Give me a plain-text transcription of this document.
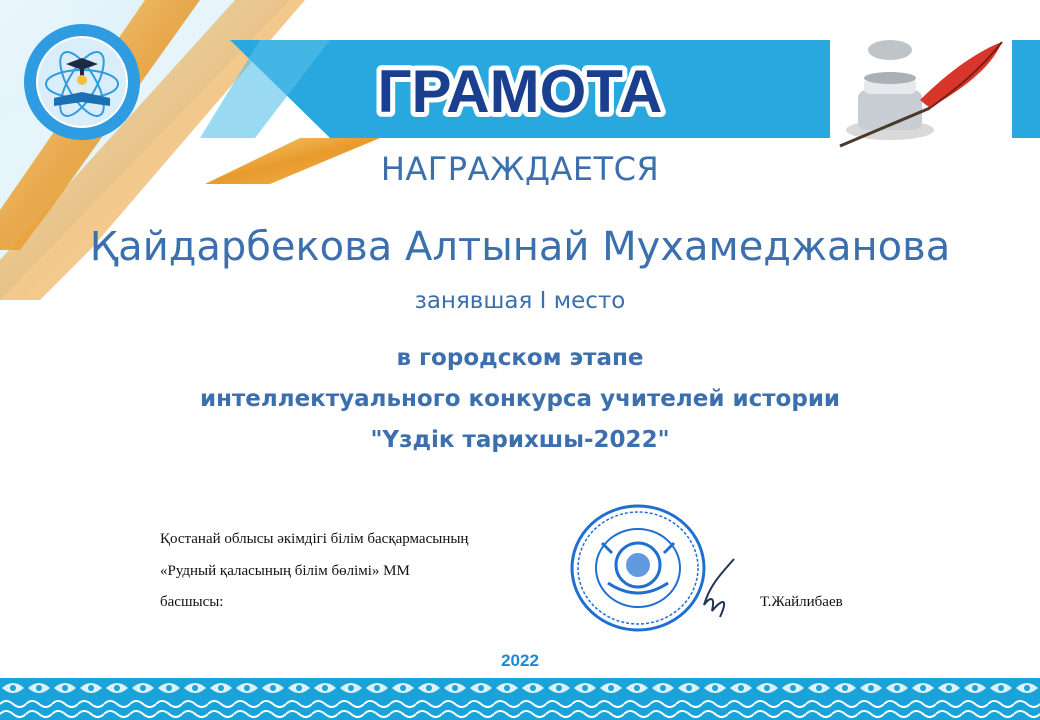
ГРАМОТА
НАГРАЖДАЕТСЯ
Қайдарбекова Алтынай Мухамеджанова
занявшая I место
в городском этапе
интеллектуального конкурса учителей истории
"Үздік тарихшы-2022"
Қостанай облысы әкімдігі білім басқармасының
«Рудный қаласының білім бөлімі» ММ
басшысы:	Т.Жайлибаев
2022
